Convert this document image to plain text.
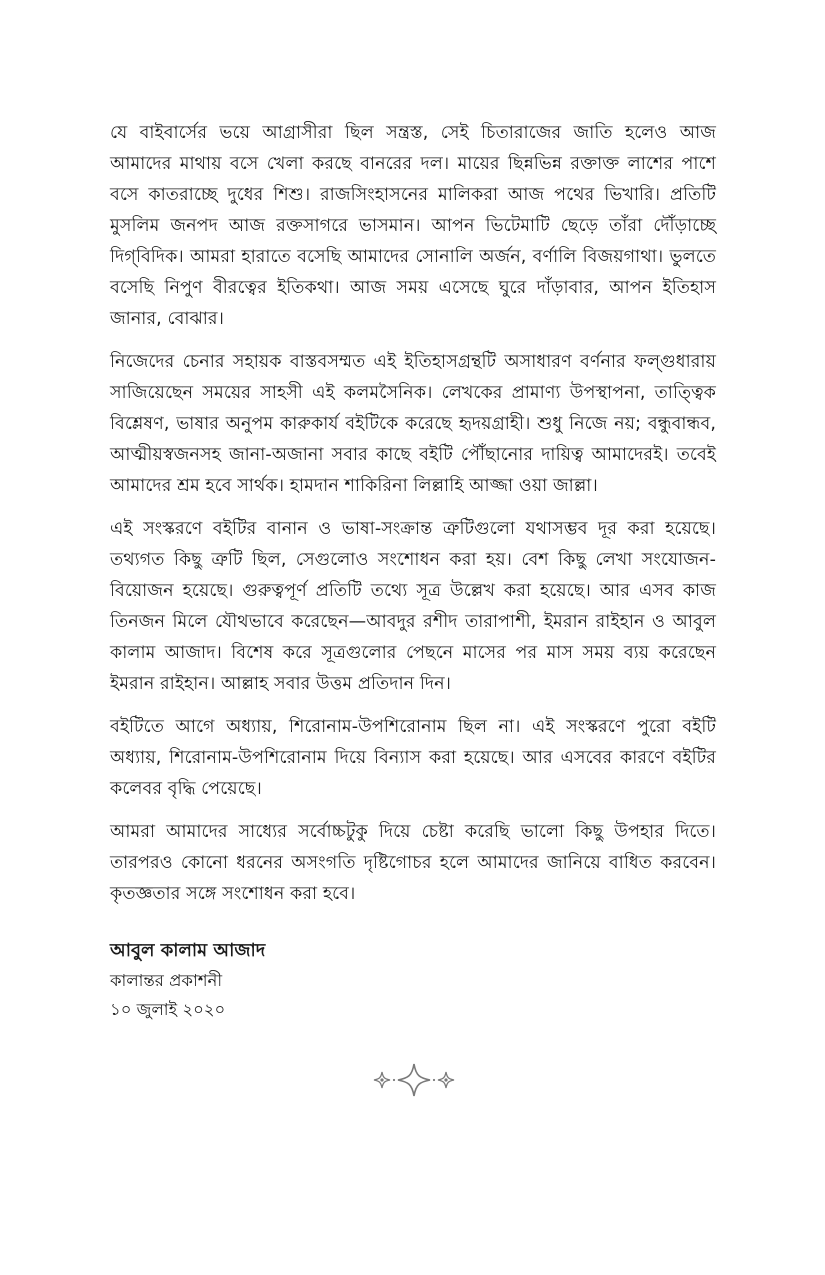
যে বাইবার্সের ভয়ে আগ্রাসীরা ছিল সন্ত্রস্ত, সেই চিতারাজের জাতি হলেও আজ আমাদের মাথায় বসে খেলা করছে বানরের দল। মায়ের ছিন্নভিন্ন রক্তাক্ত লাশের পাশে বসে কাতরাচ্ছে দুধের শিশু। রাজসিংহাসনের মালিকরা আজ পথের ভিখারি। প্রতিটি মুসলিম জনপদ আজ রক্তসাগরে ভাসমান। আপন ভিটেমাটি ছেড়ে তাঁরা দৌঁড়াচ্ছে দিগ্‌বিদিক। আমরা হারাতে বসেছি আমাদের সোনালি অর্জন, বর্ণালি বিজয়গাথা। ভুলতে বসেছি নিপুণ বীরত্বের ইতিকথা। আজ সময় এসেছে ঘুরে দাঁড়াবার, আপন ইতিহাস জানার, বোঝার।

নিজেদের চেনার সহায়ক বাস্তবসম্মত এই ইতিহাসগ্রন্থটি অসাধারণ বর্ণনার ফল্গুধারায় সাজিয়েছেন সময়ের সাহসী এই কলমসৈনিক। লেখকের প্রামাণ্য উপস্থাপনা, তাত্ত্বিক বিশ্লেষণ, ভাষার অনুপম কারুকার্য বইটিকে করেছে হৃদয়গ্রাহী। শুধু নিজে নয়; বন্ধুবান্ধব, আত্মীয়স্বজনসহ জানা-অজানা সবার কাছে বইটি পৌঁছানোর দায়িত্ব আমাদেরই। তবেই আমাদের শ্রম হবে সার্থক। হামদান শাকিরিনা লিল্লাহি আজ্জা ওয়া জাল্লা।

এই সংস্করণে বইটির বানান ও ভাষা-সংক্রান্ত ত্রুটিগুলো যথাসম্ভব দূর করা হয়েছে। তথ্যগত কিছু ত্রুটি ছিল, সেগুলোও সংশোধন করা হয়। বেশ কিছু লেখা সংযোজন-বিয়োজন হয়েছে। গুরুত্বপূর্ণ প্রতিটি তথ্যে সূত্র উল্লেখ করা হয়েছে। আর এসব কাজ তিনজন মিলে যৌথভাবে করেছেন—আবদুর রশীদ তারাপাশী, ইমরান রাইহান ও আবুল কালাম আজাদ। বিশেষ করে সূত্রগুলোর পেছনে মাসের পর মাস সময় ব্যয় করেছেন ইমরান রাইহান। আল্লাহ সবার উত্তম প্রতিদান দিন।

বইটিতে আগে অধ্যায়, শিরোনাম-উপশিরোনাম ছিল না। এই সংস্করণে পুরো বইটি অধ্যায়, শিরোনাম-উপশিরোনাম দিয়ে বিন্যাস করা হয়েছে। আর এসবের কারণে বইটির কলেবর বৃদ্ধি পেয়েছে।

আমরা আমাদের সাধ্যের সর্বোচ্চটুকু দিয়ে চেষ্টা করেছি ভালো কিছু উপহার দিতে। তারপরও কোনো ধরনের অসংগতি দৃষ্টিগোচর হলে আমাদের জানিয়ে বাধিত করবেন। কৃতজ্ঞতার সঙ্গে সংশোধন করা হবে।

আবুল কালাম আজাদ
কালান্তর প্রকাশনী
১০ জুলাই ২০২০
